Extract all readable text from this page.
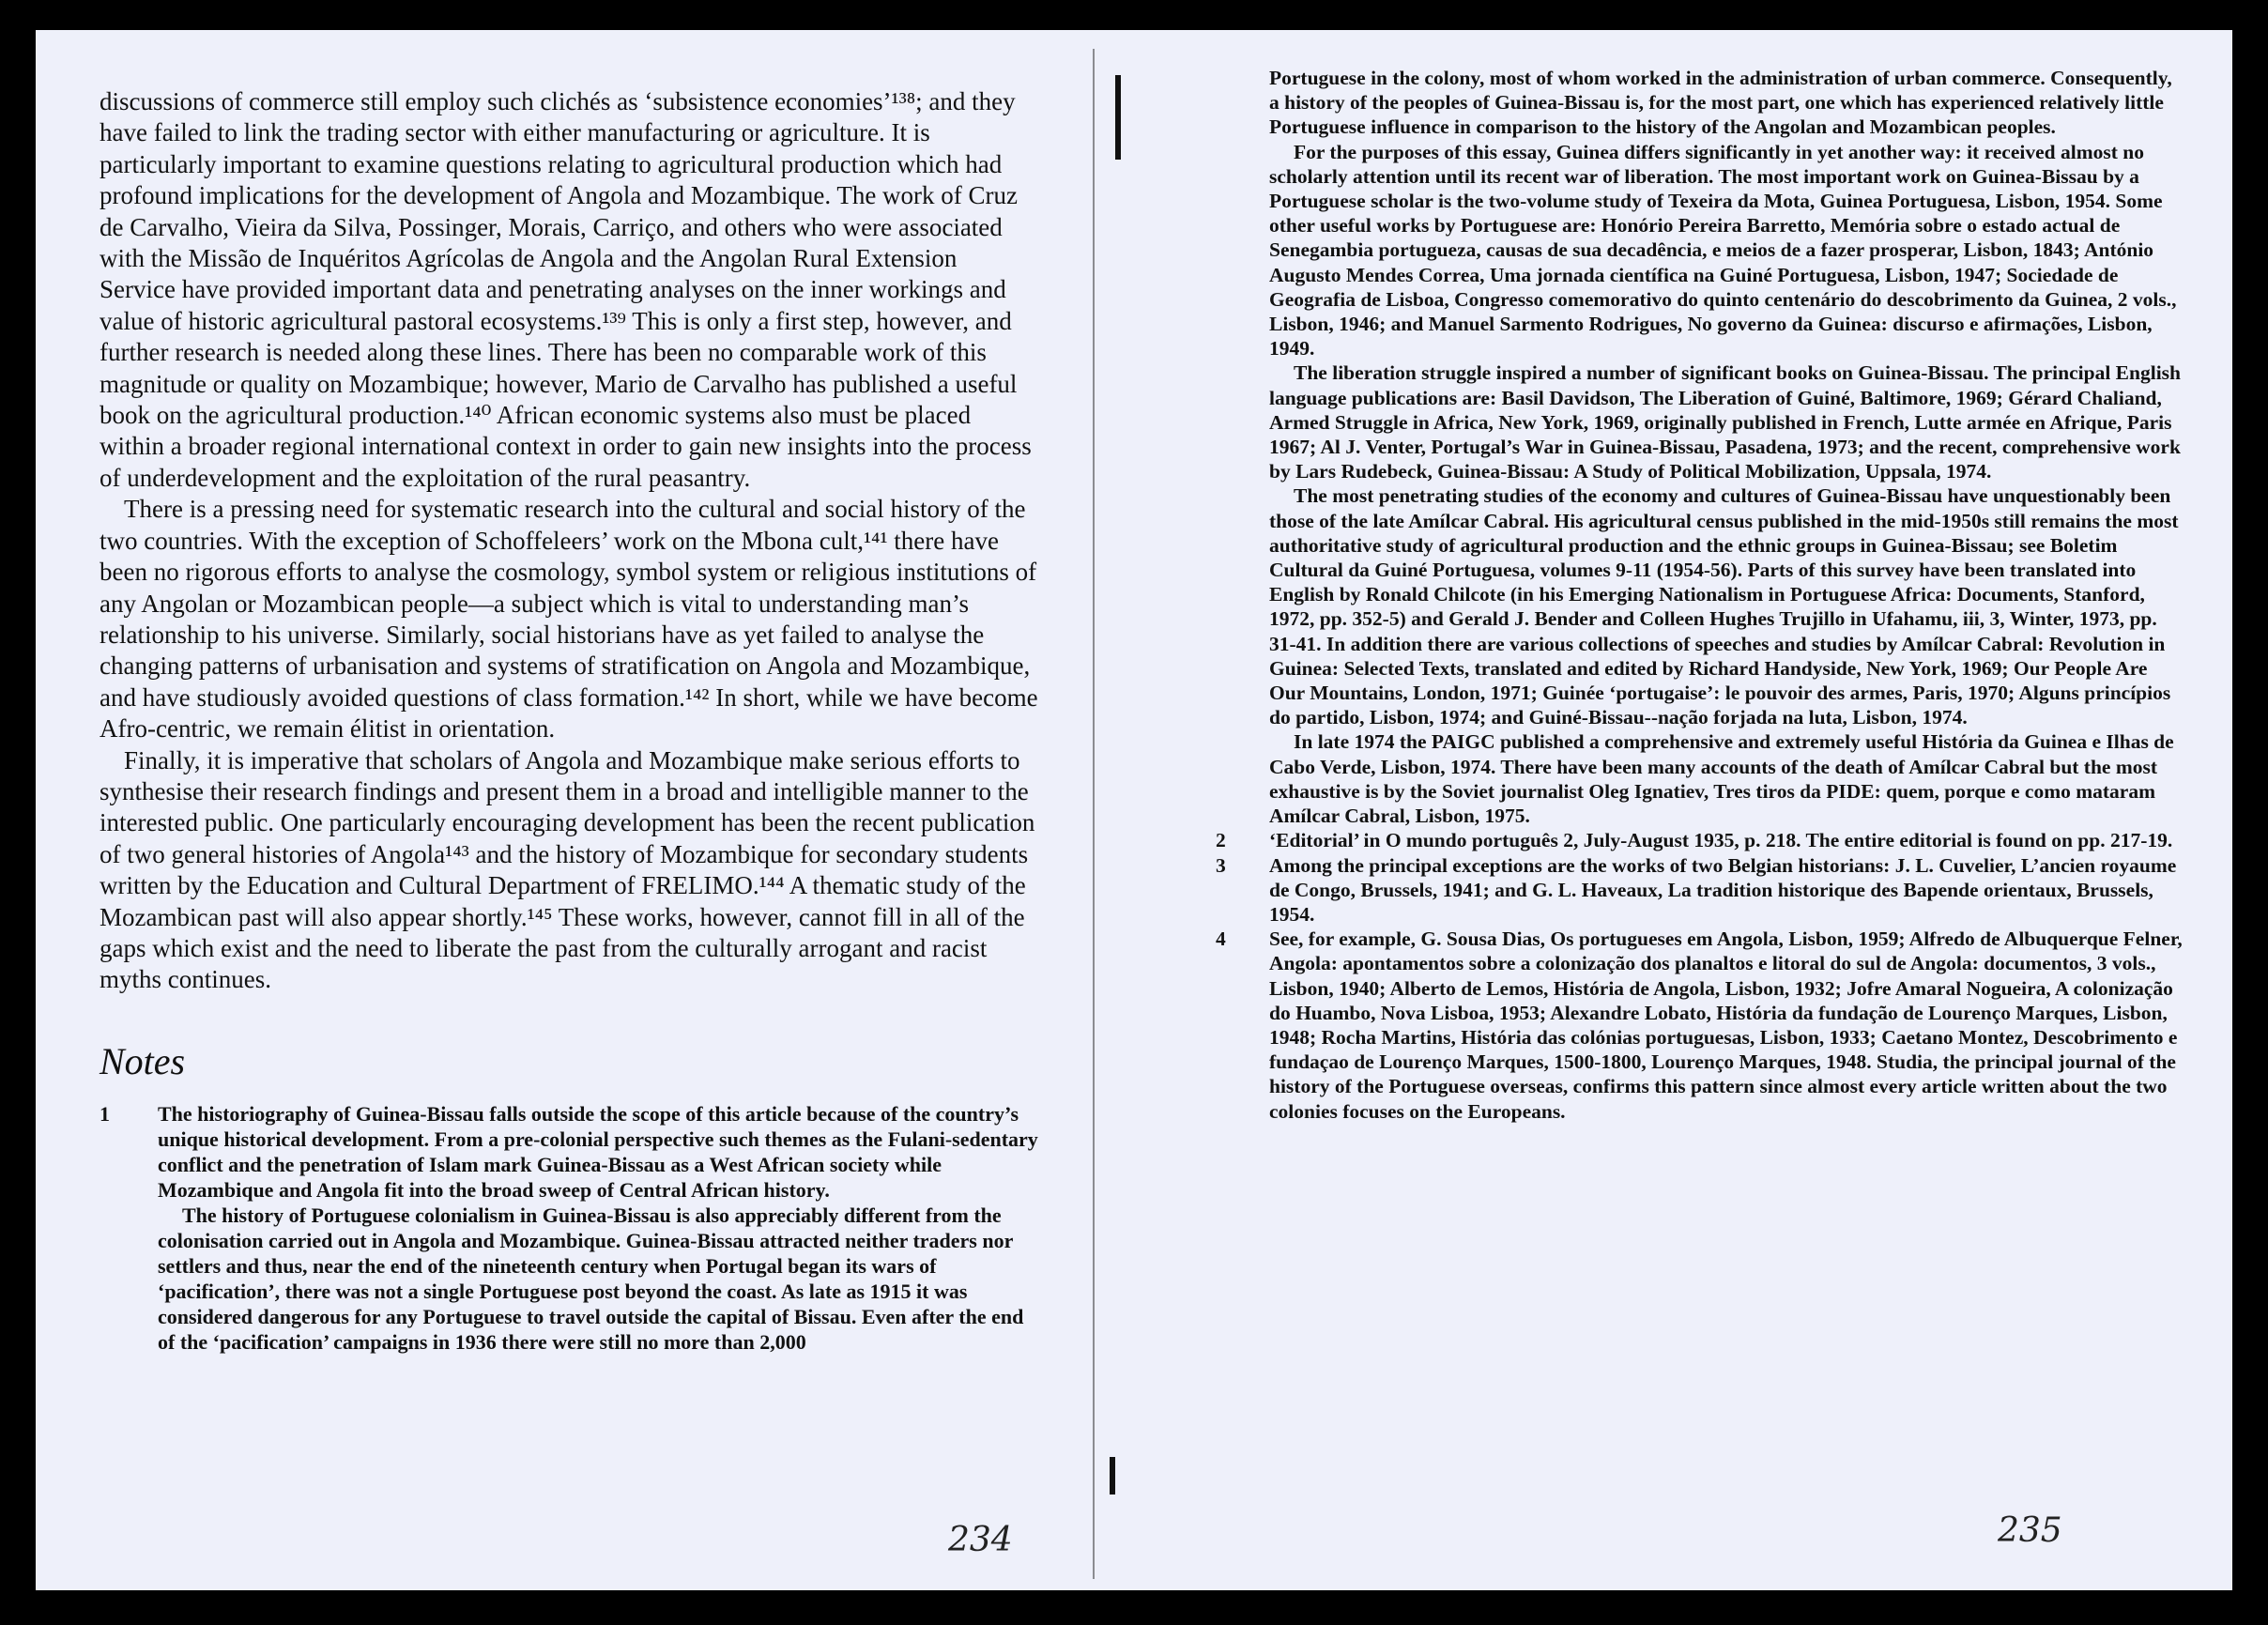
discussions of commerce still employ such clichés as ‘subsistence economies’¹³⁸; and they have failed to link the trading sector with either manufacturing or agriculture. It is particularly important to examine questions relating to agricultural production which had profound implications for the development of Angola and Mozambique. The work of Cruz de Carvalho, Vieira da Silva, Possinger, Morais, Carriço, and others who were associated with the Missão de Inquéritos Agrícolas de Angola and the Angolan Rural Extension Service have provided important data and penetrating analyses on the inner workings and value of historic agricultural pastoral ecosystems.¹³⁹ This is only a first step, however, and further research is needed along these lines. There has been no comparable work of this magnitude or quality on Mozambique; however, Mario de Carvalho has published a useful book on the agricultural production.¹⁴⁰ African economic systems also must be placed within a broader regional international context in order to gain new insights into the process of underdevelopment and the exploitation of the rural peasantry.

There is a pressing need for systematic research into the cultural and social history of the two countries. With the exception of Schoffeleers’ work on the Mbona cult,¹⁴¹ there have been no rigorous efforts to analyse the cosmology, symbol system or religious institutions of any Angolan or Mozambican people—a subject which is vital to understanding man’s relationship to his universe. Similarly, social historians have as yet failed to analyse the changing patterns of urbanisation and systems of stratification on Angola and Mozambique, and have studiously avoided questions of class formation.¹⁴² In short, while we have become Afro-centric, we remain élitist in orientation.

Finally, it is imperative that scholars of Angola and Mozambique make serious efforts to synthesise their research findings and present them in a broad and intelligible manner to the interested public. One particularly encouraging development has been the recent publication of two general histories of Angola¹⁴³ and the history of Mozambique for secondary students written by the Education and Cultural Department of FRELIMO.¹⁴⁴ A thematic study of the Mozambican past will also appear shortly.¹⁴⁵ These works, however, cannot fill in all of the gaps which exist and the need to liberate the past from the culturally arrogant and racist myths continues.

Notes
1	The historiography of Guinea-Bissau falls outside the scope of this article because of the country’s unique historical development. From a pre-colonial perspective such themes as the Fulani-sedentary conflict and the penetration of Islam mark Guinea-Bissau as a West African society while Mozambique and Angola fit into the broad sweep of Central African history.

The history of Portuguese colonialism in Guinea-Bissau is also appreciably different from the colonisation carried out in Angola and Mozambique. Guinea-Bissau attracted neither traders nor settlers and thus, near the end of the nineteenth century when Portugal began its wars of ‘pacification’, there was not a single Portuguese post beyond the coast. As late as 1915 it was considered dangerous for any Portuguese to travel outside the capital of Bissau. Even after the end of the ‘pacification’ campaigns in 1936 there were still no more than 2,000

Portuguese in the colony, most of whom worked in the administration of urban commerce. Consequently, a history of the peoples of Guinea-Bissau is, for the most part, one which has experienced relatively little Portuguese influence in comparison to the history of the Angolan and Mozambican peoples.

For the purposes of this essay, Guinea differs significantly in yet another way: it received almost no scholarly attention until its recent war of liberation. The most important work on Guinea-Bissau by a Portuguese scholar is the two-volume study of Texeira da Mota, Guinea Portuguesa, Lisbon, 1954. Some other useful works by Portuguese are: Honório Pereira Barretto, Memória sobre o estado actual de Senegambia portugueza, causas de sua decadência, e meios de a fazer prosperar, Lisbon, 1843; António Augusto Mendes Correa, Uma jornada científica na Guiné Portuguesa, Lisbon, 1947; Sociedade de Geografia de Lisboa, Congresso comemorativo do quinto centenário do descobrimento da Guinea, 2 vols., Lisbon, 1946; and Manuel Sarmento Rodrigues, No governo da Guinea: discurso e afirmações, Lisbon, 1949.

The liberation struggle inspired a number of significant books on Guinea-Bissau. The principal English language publications are: Basil Davidson, The Liberation of Guiné, Baltimore, 1969; Gérard Chaliand, Armed Struggle in Africa, New York, 1969, originally published in French, Lutte armée en Afrique, Paris 1967; Al J. Venter, Portugal’s War in Guinea-Bissau, Pasadena, 1973; and the recent, comprehensive work by Lars Rudebeck, Guinea-Bissau: A Study of Political Mobilization, Uppsala, 1974.

The most penetrating studies of the economy and cultures of Guinea-Bissau have unquestionably been those of the late Amílcar Cabral. His agricultural census published in the mid-1950s still remains the most authoritative study of agricultural production and the ethnic groups in Guinea-Bissau; see Boletim Cultural da Guiné Portuguesa, volumes 9-11 (1954-56). Parts of this survey have been translated into English by Ronald Chilcote (in his Emerging Nationalism in Portuguese Africa: Documents, Stanford, 1972, pp. 352-5) and Gerald J. Bender and Colleen Hughes Trujillo in Ufahamu, iii, 3, Winter, 1973, pp. 31-41. In addition there are various collections of speeches and studies by Amílcar Cabral: Revolution in Guinea: Selected Texts, translated and edited by Richard Handyside, New York, 1969; Our People Are Our Mountains, London, 1971; Guinée ‘portugaise’: le pouvoir des armes, Paris, 1970; Alguns princípios do partido, Lisbon, 1974; and Guiné-Bissau--nação forjada na luta, Lisbon, 1974.

In late 1974 the PAIGC published a comprehensive and extremely useful História da Guinea e Ilhas de Cabo Verde, Lisbon, 1974. There have been many accounts of the death of Amílcar Cabral but the most exhaustive is by the Soviet journalist Oleg Ignatiev, Tres tiros da PIDE: quem, porque e como mataram Amílcar Cabral, Lisbon, 1975.

2	‘Editorial’ in O mundo português 2, July-August 1935, p. 218. The entire editorial is found on pp. 217-19.

3	Among the principal exceptions are the works of two Belgian historians: J. L. Cuvelier, L’ancien royaume de Congo, Brussels, 1941; and G. L. Haveaux, La tradition historique des Bapende orientaux, Brussels, 1954.

4	See, for example, G. Sousa Dias, Os portugueses em Angola, Lisbon, 1959; Alfredo de Albuquerque Felner, Angola: apontamentos sobre a colonização dos planaltos e litoral do sul de Angola: documentos, 3 vols., Lisbon, 1940; Alberto de Lemos, História de Angola, Lisbon, 1932; Jofre Amaral Nogueira, A colonização do Huambo, Nova Lisboa, 1953; Alexandre Lobato, História da fundação de Lourenço Marques, Lisbon, 1948; Rocha Martins, História das colónias portuguesas, Lisbon, 1933; Caetano Montez, Descobrimento e fundaçao de Lourenço Marques, 1500-1800, Lourenço Marques, 1948. Studia, the principal journal of the history of the Portuguese overseas, confirms this pattern since almost every article written about the two colonies focuses on the Europeans.

234	235
